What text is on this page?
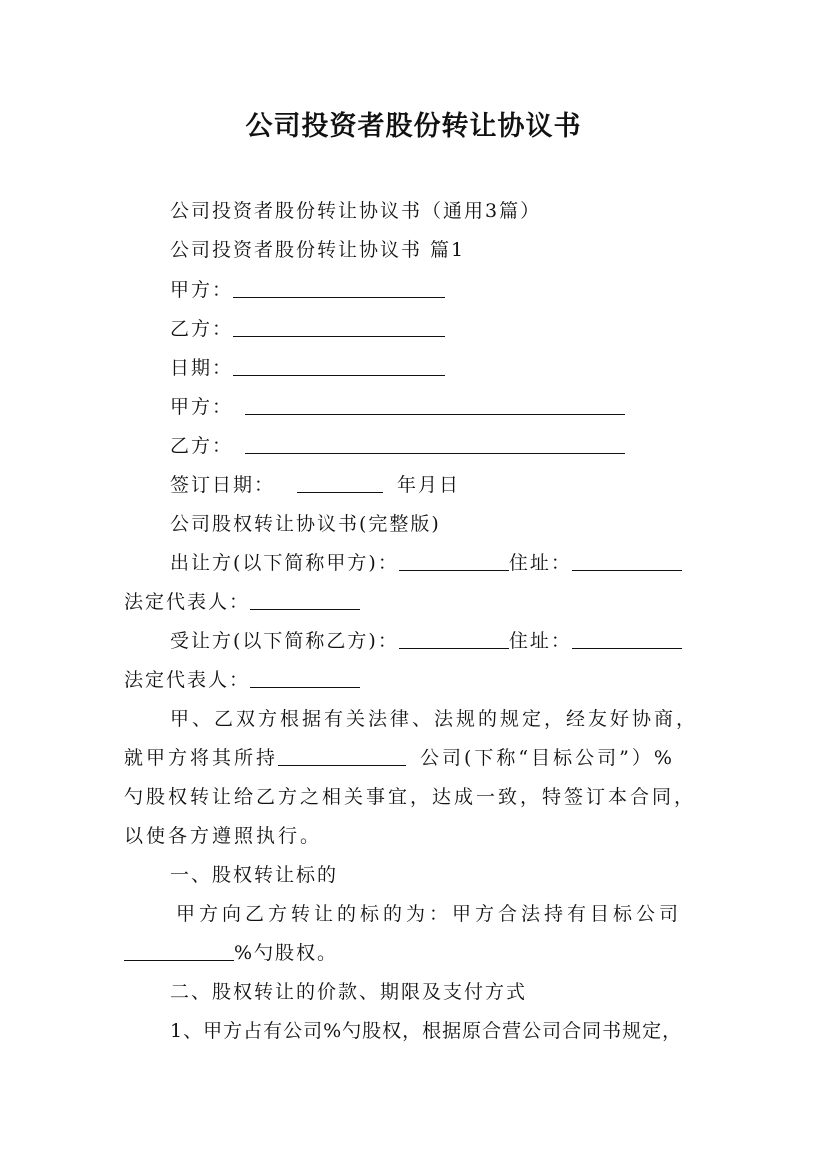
公司投资者股份转让协议书
公司投资者股份转让协议书（通用3篇）
公司投资者股份转让协议书 篇1
甲方：
乙方：
日期：
甲方：
乙方：
签订日期：	年月日
公司股权转让协议书(完整版)
出让方(以下简称甲方)：	住址：
法定代表人：
受让方(以下简称乙方)：	住址：
法定代表人：
甲、乙双方根据有关法律、法规的规定，经友好协商，
就甲方将其所持	公司(下称“目标公司”）%
勺股权转让给乙方之相关事宜，达成一致，特签订本合同，
以使各方遵照执行。
一、股权转让标的
甲方向乙方转让的标的为：甲方合法持有目标公司
%勺股权。
二、股权转让的价款、期限及支付方式
1、甲方占有公司%勺股权，根据原合营公司合同书规定，
